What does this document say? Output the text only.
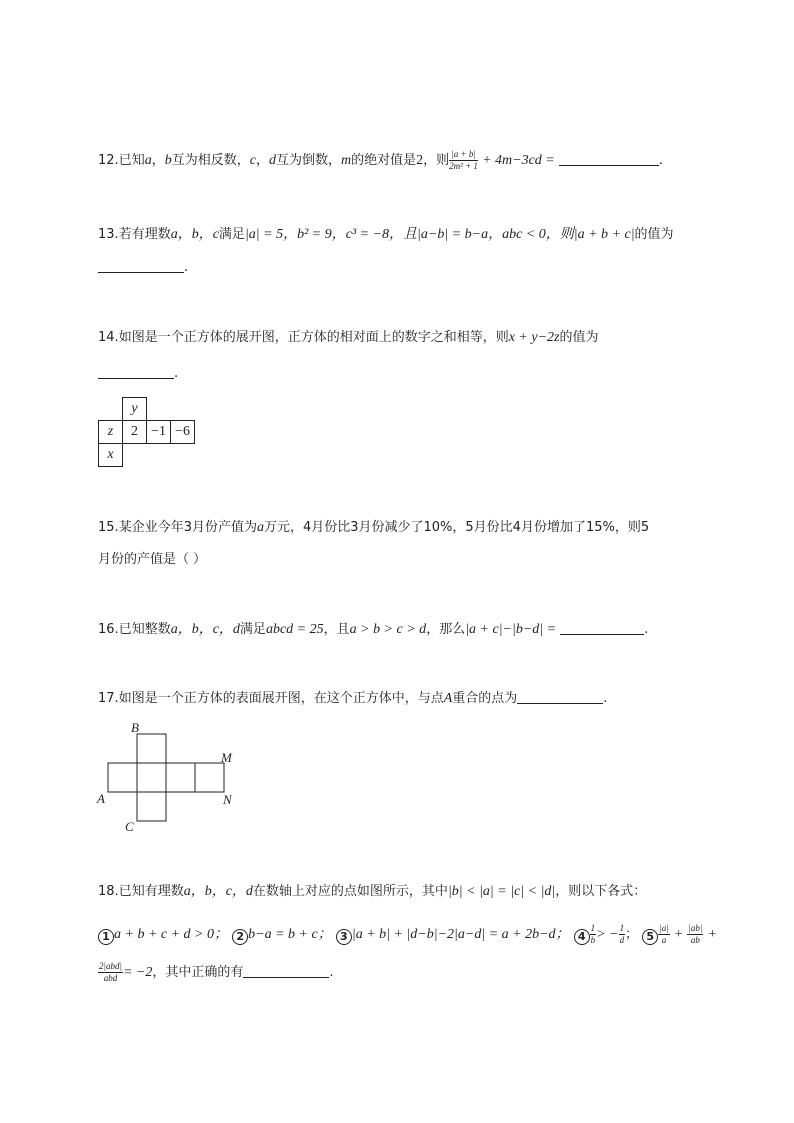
12.已知a，b互为相反数，c，d互为倒数，m的绝对值是2，则 $\frac{|a + b|}{\text{2m² + 1}} + 4m-3cd$ =	.
13.若有理数a，b，c满足|a| = 5，b² = 9，c³ = −8，且|a−b| = b−a，abc < 0，则|a + b + c|的值为
.
14.如图是一个正方体的展开图，正方体的相对面上的数字之和相等，则x + y−2z的值为
.
	y		
z	2	−1	−6
x			
15.某企业今年3月份产值为a万元，4月份比3月份减少了10%，5月份比4月份增加了15%，则5
月份的产值是（ ）
16.已知整数a，b，c，d满足abcd = 25，且a > b > c > d，那么|a + c|−|b−d| =	.
17.如图是一个正方体的表面展开图，在这个正方体中，与点A重合的点为	.
B
M
A	N
C
18.已知有理数a，b，c，d在数轴上对应的点如图所示，其中|b| < |a| = |c| < |d|，则以下各式：
1 a + b + c + d > 0； 2 b−a = b + c； 3 |a + b| + |d−b|−2|a−d| = a + 2b−d； $4 \frac{1}{b}$ > − $\frac{1}{d}$ ； $5 \frac{|a|}{a} + \frac{|ab|}{ab}$ +
$\frac{\text{2|abd|}}{\text{abd}} = -2$，其中正确的有	.
